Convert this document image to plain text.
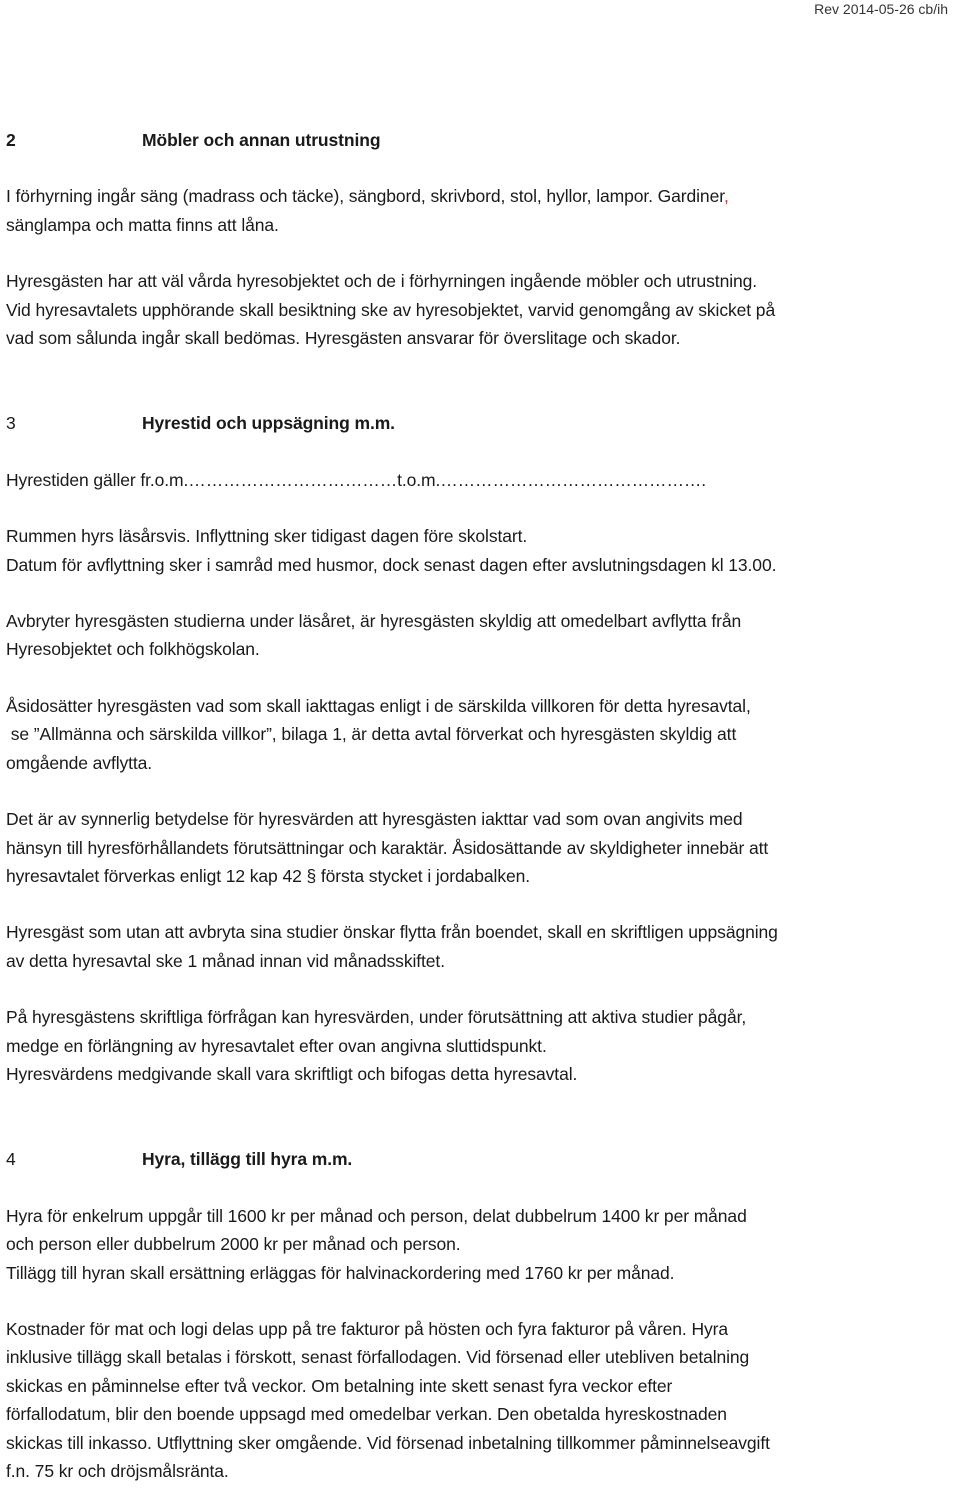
Rev 2014-05-26 cb/ih
2	Möbler och annan utrustning

I förhyrning ingår säng (madrass och täcke), sängbord, skrivbord, stol, hyllor, lampor. Gardiner,
sänglampa och matta finns att låna.

Hyresgästen har att väl vårda hyresobjektet och de i förhyrningen ingående möbler och utrustning.
Vid hyresavtalets upphörande skall besiktning ske av hyresobjektet, varvid genomgång av skicket på
vad som sålunda ingår skall bedömas. Hyresgästen ansvarar för överslitage och skador.

3	Hyrestid och uppsägning m.m.

Hyrestiden gäller fr.o.m.………………………………t.o.m.……………………………………….

Rummen hyrs läsårsvis. Inflyttning sker tidigast dagen före skolstart.
Datum för avflyttning sker i samråd med husmor, dock senast dagen efter avslutningsdagen kl 13.00.

Avbryter hyresgästen studierna under läsåret, är hyresgästen skyldig att omedelbart avflytta från
Hyresobjektet och folkhögskolan.

Åsidosätter hyresgästen vad som skall iakttagas enligt i de särskilda villkoren för detta hyresavtal,
se ”Allmänna och särskilda villkor”, bilaga 1, är detta avtal förverkat och hyresgästen skyldig att
omgående avflytta.

Det är av synnerlig betydelse för hyresvärden att hyresgästen iakttar vad som ovan angivits med
hänsyn till hyresförhållandets förutsättningar och karaktär. Åsidosättande av skyldigheter innebär att
hyresavtalet förverkas enligt 12 kap 42 § första stycket i jordabalken.

Hyresgäst som utan att avbryta sina studier önskar flytta från boendet, skall en skriftligen uppsägning
av detta hyresavtal ske 1 månad innan vid månadsskiftet.

På hyresgästens skriftliga förfrågan kan hyresvärden, under förutsättning att aktiva studier pågår,
medge en förlängning av hyresavtalet efter ovan angivna sluttidspunkt.
Hyresvärdens medgivande skall vara skriftligt och bifogas detta hyresavtal.

4	Hyra, tillägg till hyra m.m.

Hyra för enkelrum uppgår till 1600 kr per månad och person, delat dubbelrum 1400 kr per månad
och person eller dubbelrum 2000 kr per månad och person.
Tillägg till hyran skall ersättning erläggas för halvinackordering med 1760 kr per månad.

Kostnader för mat och logi delas upp på tre fakturor på hösten och fyra fakturor på våren. Hyra
inklusive tillägg skall betalas i förskott, senast förfallodagen. Vid försenad eller utebliven betalning
skickas en påminnelse efter två veckor. Om betalning inte skett senast fyra veckor efter
förfallodatum, blir den boende uppsagd med omedelbar verkan. Den obetalda hyreskostnaden
skickas till inkasso. Utflyttning sker omgående. Vid försenad inbetalning tillkommer påminnelseavgift
f.n. 75 kr och dröjsmålsränta.
